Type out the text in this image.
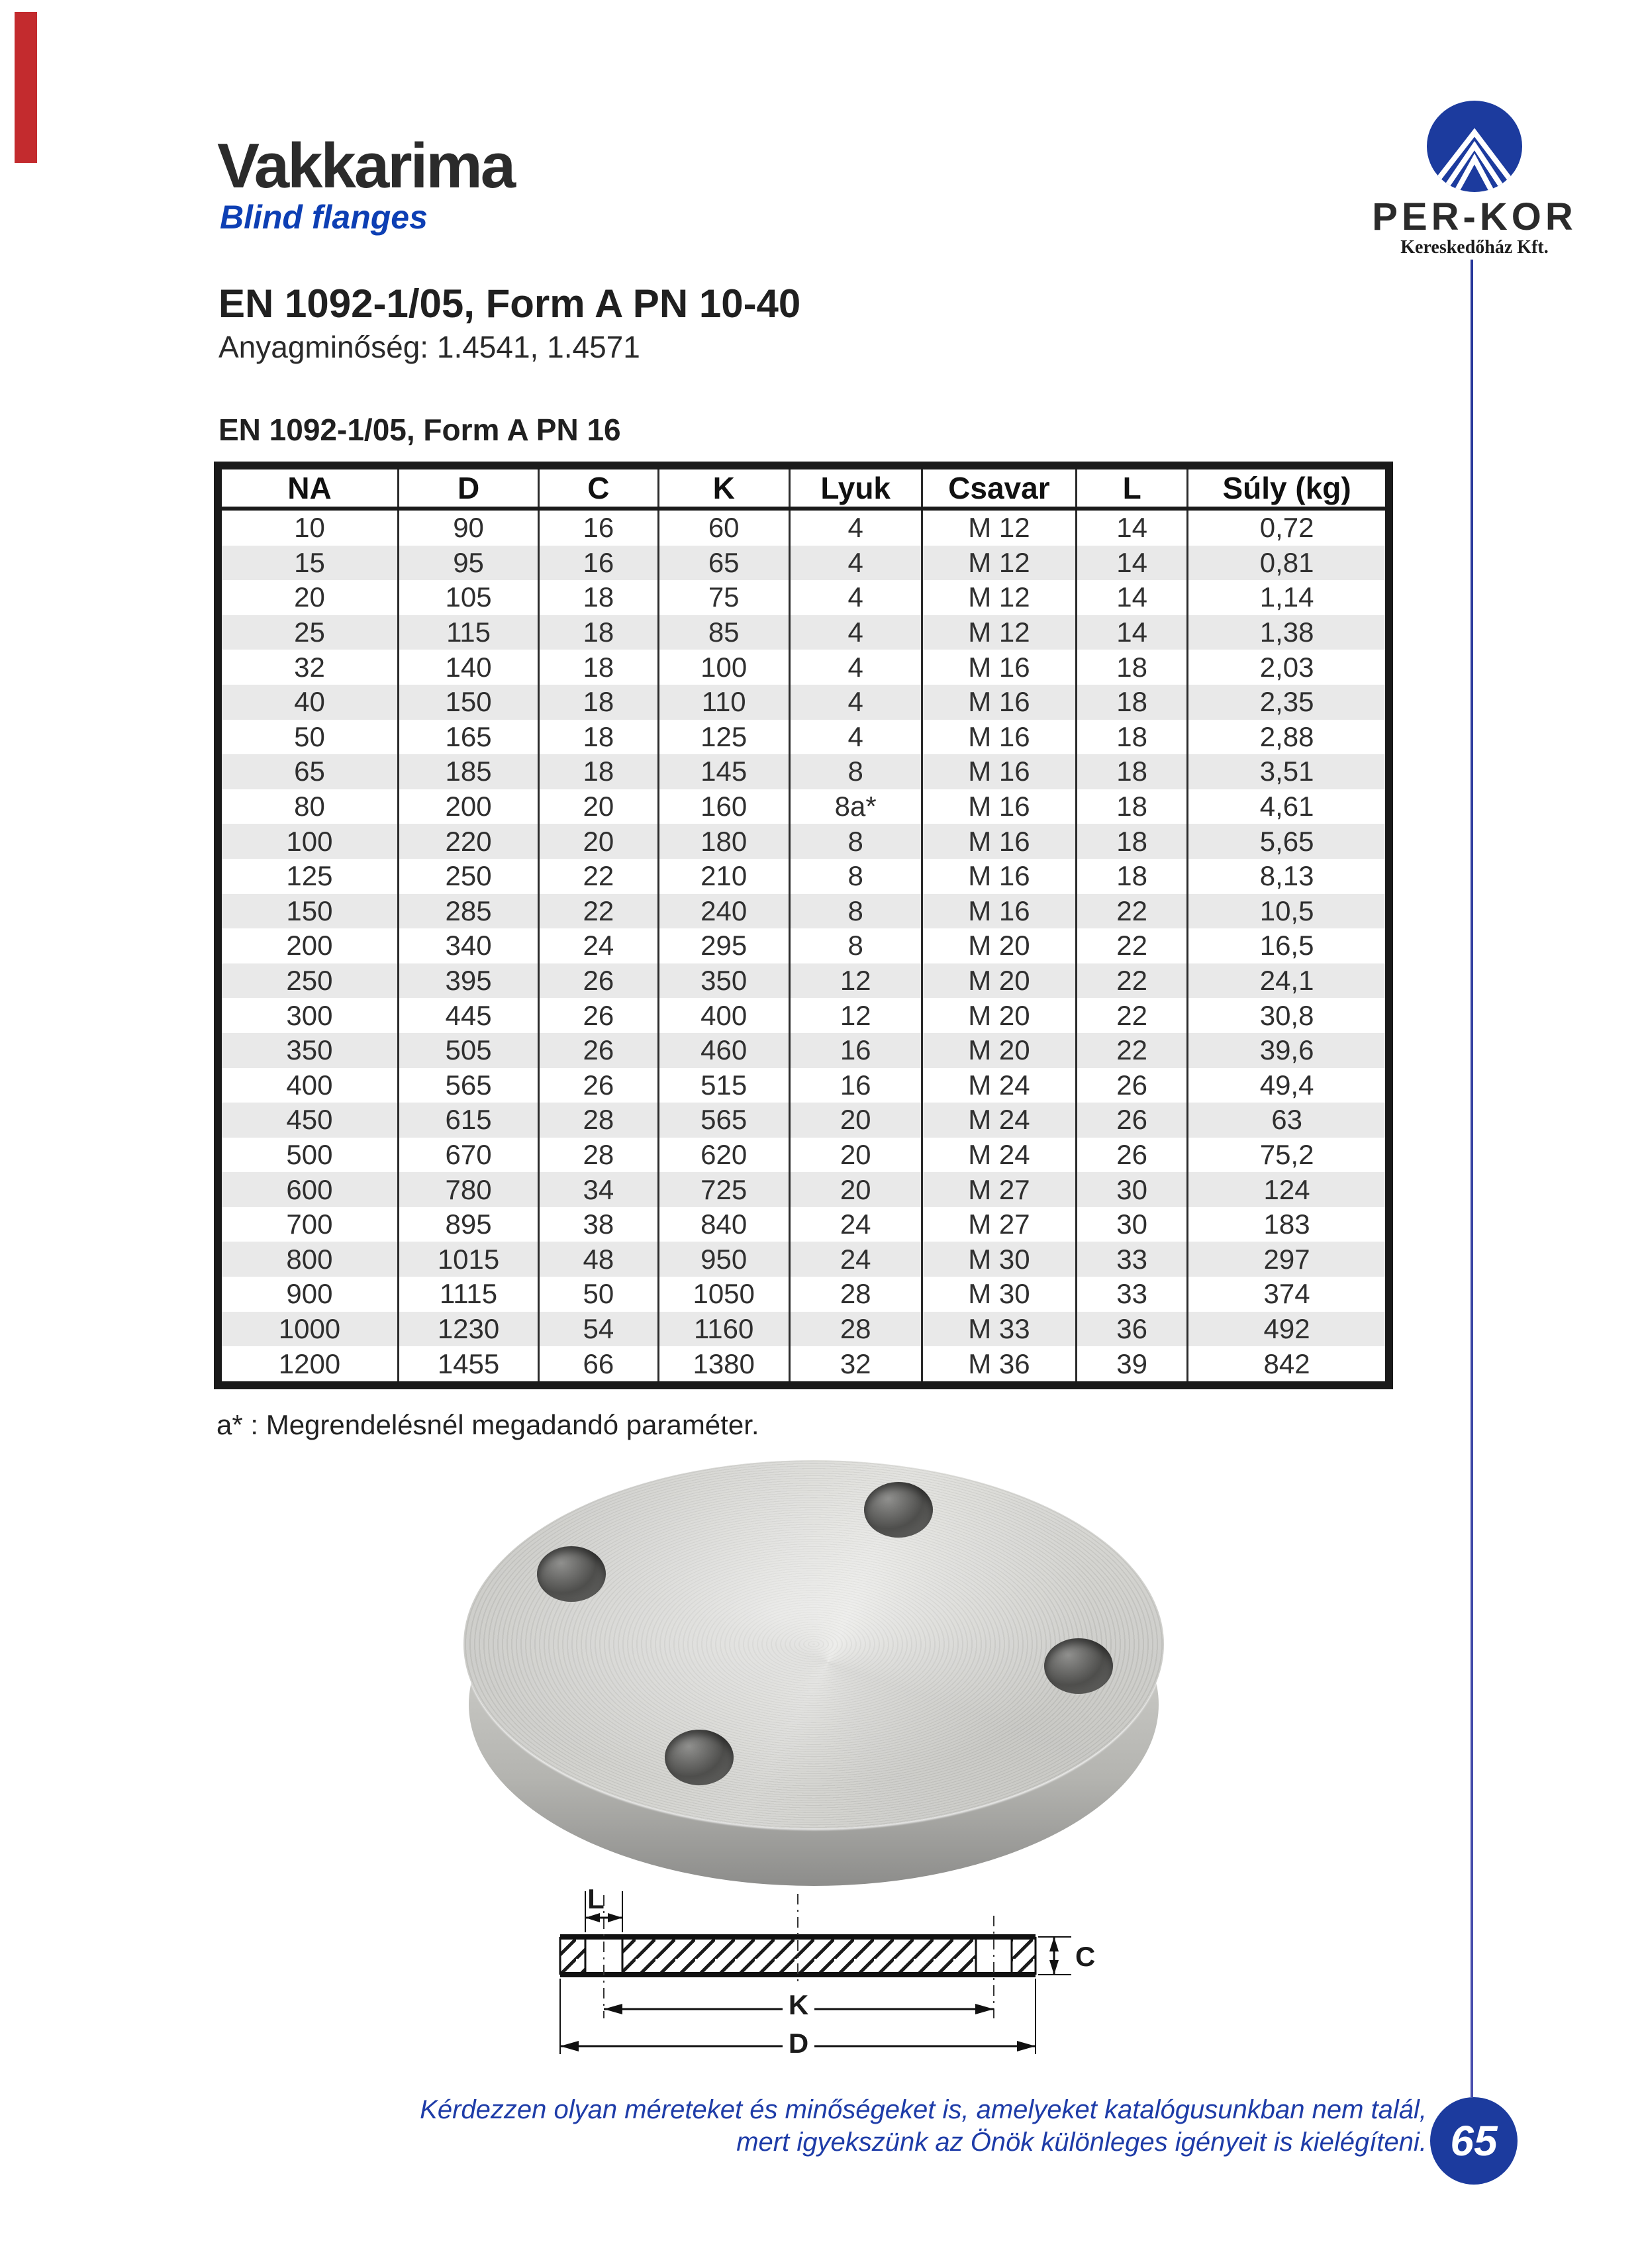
Vakkarima
Blind flanges	PER-KOR
Kereskedőház Kft.
EN 1092-1/05, Form A PN 10-40
Anyagminőség: 1.4541, 1.4571
EN 1092-1/05, Form A PN 16
NA	D	C	K	Lyuk	Csavar	L	Súly (kg)
10	90	16	60	4	M 12	14	0,72
15	95	16	65	4	M 12	14	0,81
20	105	18	75	4	M 12	14	1,14
25	115	18	85	4	M 12	14	1,38
32	140	18	100	4	M 16	18	2,03
40	150	18	110	4	M 16	18	2,35
50	165	18	125	4	M 16	18	2,88
65	185	18	145	8	M 16	18	3,51
80	200	20	160	8a*	M 16	18	4,61
100	220	20	180	8	M 16	18	5,65
125	250	22	210	8	M 16	18	8,13
150	285	22	240	8	M 16	22	10,5
200	340	24	295	8	M 20	22	16,5
250	395	26	350	12	M 20	22	24,1
300	445	26	400	12	M 20	22	30,8
350	505	26	460	16	M 20	22	39,6
400	565	26	515	16	M 24	26	49,4
450	615	28	565	20	M 24	26	63
500	670	28	620	20	M 24	26	75,2
600	780	34	725	20	M 27	30	124
700	895	38	840	24	M 27	30	183
800	1015	48	950	24	M 30	33	297
900	1115	50	1050	28	M 30	33	374
1000	1230	54	1160	28	M 33	36	492
1200	1455	66	1380	32	M 36	39	842
a* : Megrendelésnél megadandó paraméter.
L
C
K
D
Kérdezzen olyan méreteket és minőségeket is, amelyeket katalógusunkban nem talál,
mert igyekszünk az Önök különleges igényeit is kielégíteni. 65
